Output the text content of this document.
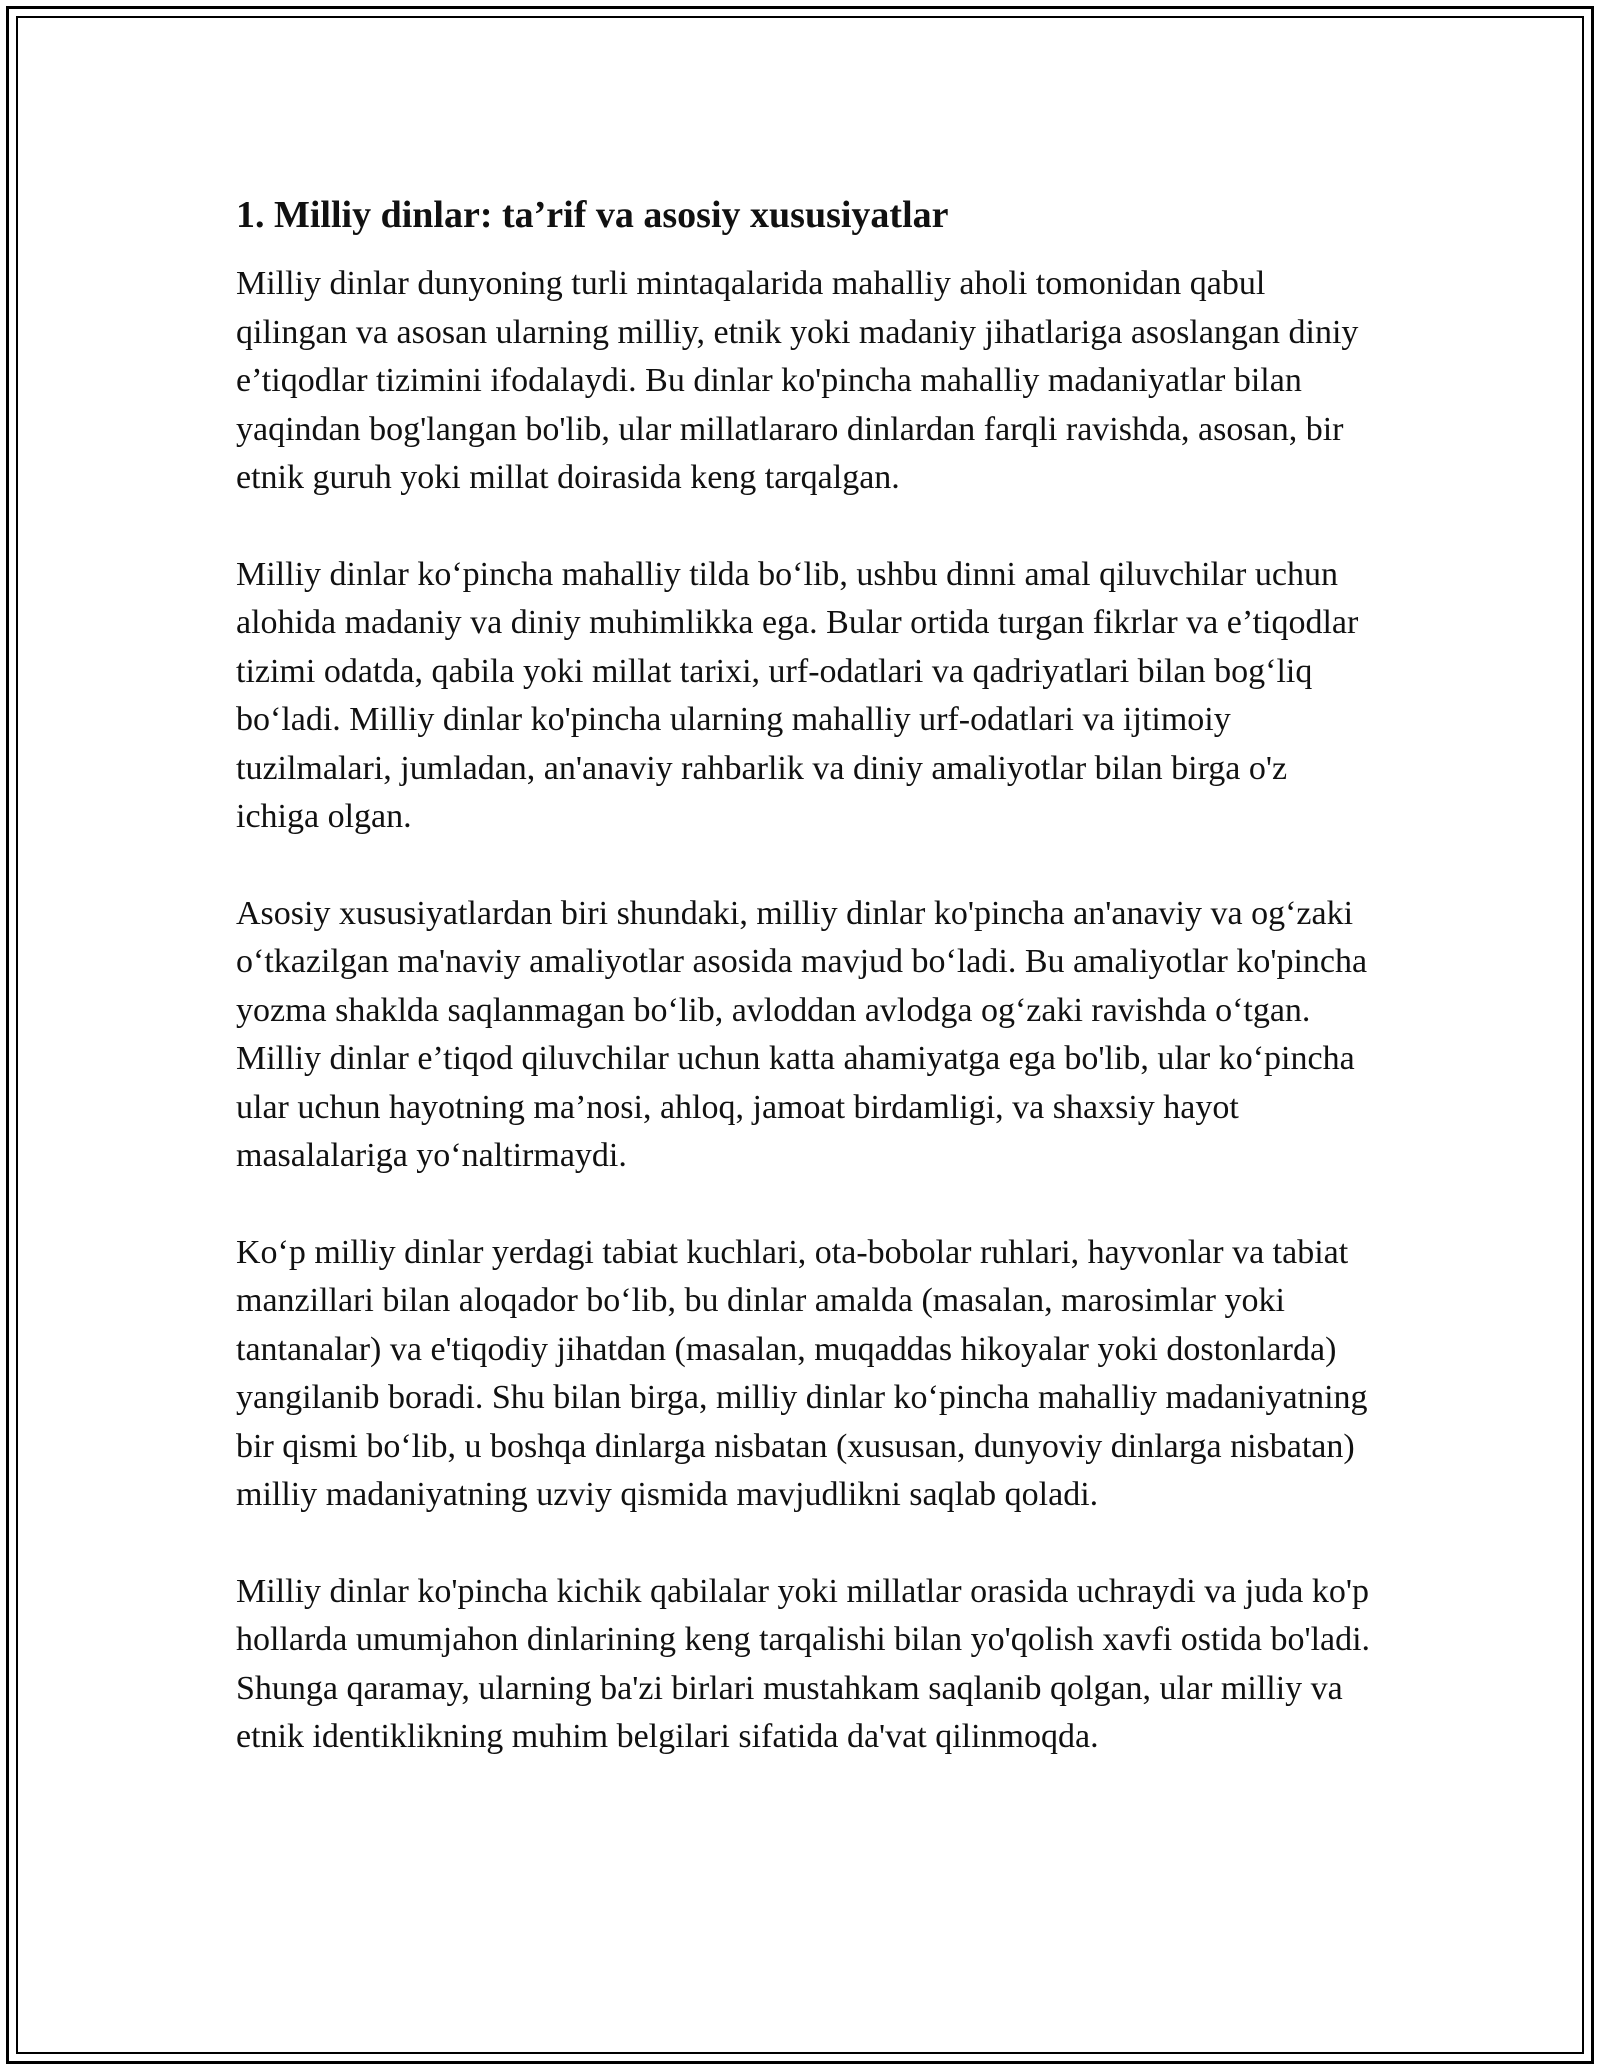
1. Milliy dinlar: ta’rif va asosiy xususiyatlar

Milliy dinlar dunyoning turli mintaqalarida mahalliy aholi tomonidan qabul qilingan va asosan ularning milliy, etnik yoki madaniy jihatlariga asoslangan diniy e’tiqodlar tizimini ifodalaydi. Bu dinlar ko'pincha mahalliy madaniyatlar bilan yaqindan bog'langan bo'lib, ular millatlararo dinlardan farqli ravishda, asosan, bir etnik guruh yoki millat doirasida keng tarqalgan.

Milliy dinlar ko‘pincha mahalliy tilda bo‘lib, ushbu dinni amal qiluvchilar uchun alohida madaniy va diniy muhimlikka ega. Bular ortida turgan fikrlar va e’tiqodlar tizimi odatda, qabila yoki millat tarixi, urf-odatlari va qadriyatlari bilan bog‘liq bo‘ladi. Milliy dinlar ko'pincha ularning mahalliy urf-odatlari va ijtimoiy tuzilmalari, jumladan, an'anaviy rahbarlik va diniy amaliyotlar bilan birga o'z ichiga olgan.

Asosiy xususiyatlardan biri shundaki, milliy dinlar ko'pincha an'anaviy va og‘zaki o‘tkazilgan ma'naviy amaliyotlar asosida mavjud bo‘ladi. Bu amaliyotlar ko'pincha yozma shaklda saqlanmagan bo‘lib, avloddan avlodga og‘zaki ravishda o‘tgan. Milliy dinlar e’tiqod qiluvchilar uchun katta ahamiyatga ega bo'lib, ular ko‘pincha ular uchun hayotning ma’nosi, ahloq, jamoat birdamligi, va shaxsiy hayot masalalariga yo‘naltirmaydi.

Ko‘p milliy dinlar yerdagi tabiat kuchlari, ota-bobolar ruhlari, hayvonlar va tabiat manzillari bilan aloqador bo‘lib, bu dinlar amalda (masalan, marosimlar yoki tantanalar) va e'tiqodiy jihatdan (masalan, muqaddas hikoyalar yoki dostonlarda) yangilanib boradi. Shu bilan birga, milliy dinlar ko‘pincha mahalliy madaniyatning bir qismi bo‘lib, u boshqa dinlarga nisbatan (xususan, dunyoviy dinlarga nisbatan) milliy madaniyatning uzviy qismida mavjudlikni saqlab qoladi.

Milliy dinlar ko'pincha kichik qabilalar yoki millatlar orasida uchraydi va juda ko'p hollarda umumjahon dinlarining keng tarqalishi bilan yo'qolish xavfi ostida bo'ladi. Shunga qaramay, ularning ba'zi birlari mustahkam saqlanib qolgan, ular milliy va etnik identiklikning muhim belgilari sifatida da'vat qilinmoqda.
